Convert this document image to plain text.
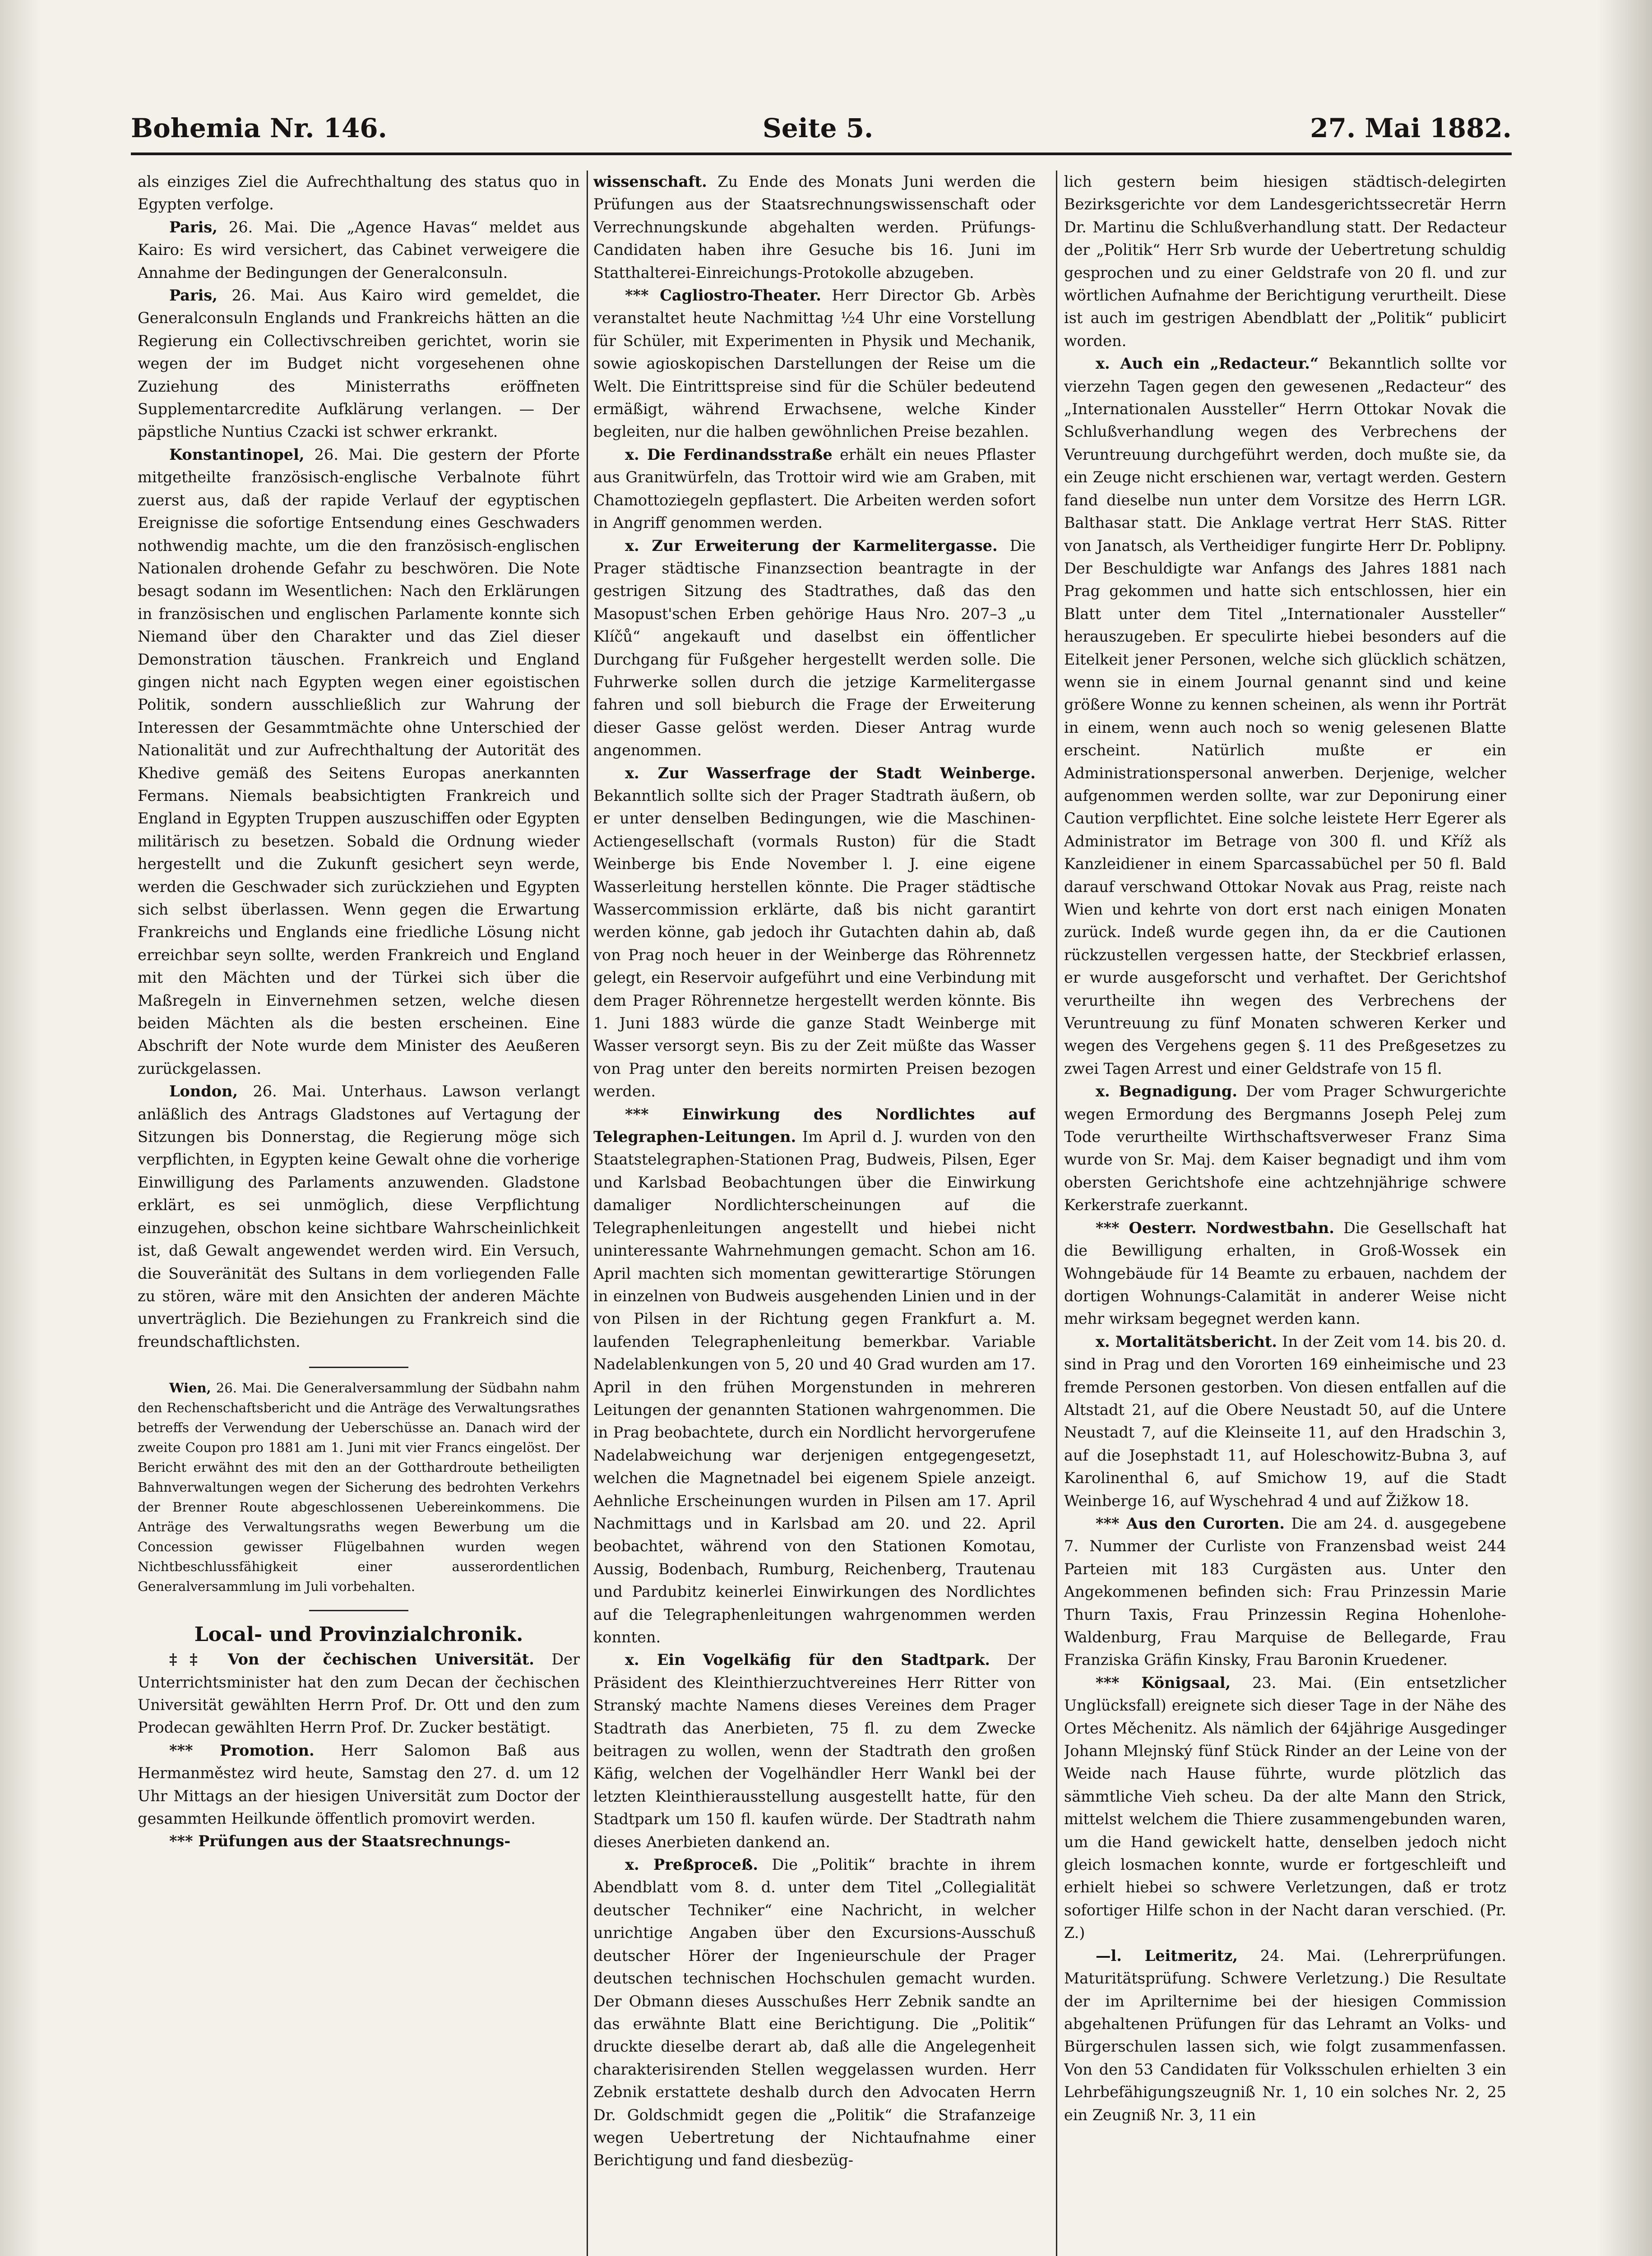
Bohemia Nr. 146.	Seite 5.	27. Mai 1882.

als einziges Ziel die Aufrechthaltung des status quo in Egypten verfolge.

Paris, 26. Mai. Die „Agence Havas“ meldet aus Kairo: Es wird versichert, das Cabinet verweigere die Annahme der Bedingungen der Generalconsuln.

Paris, 26. Mai. Aus Kairo wird gemeldet, die Generalconsuln Englands und Frankreichs hätten an die Regierung ein Collectivschreiben gerichtet, worin sie wegen der im Budget nicht vorgesehenen ohne Zuziehung des Ministerraths eröffneten Supplementarcredite Aufklärung verlangen. — Der päpstliche Nuntius Czacki ist schwer erkrankt.

Konstantinopel, 26. Mai. Die gestern der Pforte mitgetheilte französisch-englische Verbalnote führt zuerst aus, daß der rapide Verlauf der egyptischen Ereignisse die sofortige Entsendung eines Geschwaders nothwendig machte, um die den französisch-englischen Nationalen drohende Gefahr zu beschwören. Die Note besagt sodann im Wesentlichen: Nach den Erklärungen in französischen und englischen Parlamente konnte sich Niemand über den Charakter und das Ziel dieser Demonstration täuschen. Frankreich und England gingen nicht nach Egypten wegen einer egoistischen Politik, sondern ausschließlich zur Wahrung der Interessen der Gesammtmächte ohne Unterschied der Nationalität und zur Aufrechthaltung der Autorität des Khedive gemäß des Seitens Europas anerkannten Fermans. Niemals beabsichtigten Frankreich und England in Egypten Truppen auszuschiffen oder Egypten militärisch zu besetzen. Sobald die Ordnung wieder hergestellt und die Zukunft gesichert seyn werde, werden die Geschwader sich zurückziehen und Egypten sich selbst überlassen. Wenn gegen die Erwartung Frankreichs und Englands eine friedliche Lösung nicht erreichbar seyn sollte, werden Frankreich und England mit den Mächten und der Türkei sich über die Maßregeln in Einvernehmen setzen, welche diesen beiden Mächten als die besten erscheinen. Eine Abschrift der Note wurde dem Minister des Aeußeren zurückgelassen.

London, 26. Mai. Unterhaus. Lawson verlangt anläßlich des Antrags Gladstones auf Vertagung der Sitzungen bis Donnerstag, die Regierung möge sich verpflichten, in Egypten keine Gewalt ohne die vorherige Einwilligung des Parlaments anzuwenden. Gladstone erklärt, es sei unmöglich, diese Verpflichtung einzugehen, obschon keine sichtbare Wahrscheinlichkeit ist, daß Gewalt angewendet werden wird. Ein Versuch, die Souveränität des Sultans in dem vorliegenden Falle zu stören, wäre mit den Ansichten der anderen Mächte unverträglich. Die Beziehungen zu Frankreich sind die freundschaftlichsten.

Wien, 26. Mai. Die Generalversammlung der Südbahn nahm den Rechenschaftsbericht und die Anträge des Verwaltungsrathes betreffs der Verwendung der Ueberschüsse an. Danach wird der zweite Coupon pro 1881 am 1. Juni mit vier Francs eingelöst. Der Bericht erwähnt des mit den an der Gotthardroute betheiligten Bahnverwaltungen wegen der Sicherung des bedrohten Verkehrs der Brenner Route abgeschlossenen Uebereinkommens. Die Anträge des Verwaltungsraths wegen Bewerbung um die Concession gewisser Flügelbahnen wurden wegen Nichtbeschlussfähigkeit einer ausserordentlichen Generalversammlung im Juli vorbehalten.

Local- und Provinzialchronik.

‡‡ Von der čechischen Universität. Der Unterrichtsminister hat den zum Decan der čechischen Universität gewählten Herrn Prof. Dr. Ott und den zum Prodecan gewählten Herrn Prof. Dr. Zucker bestätigt.

*** Promotion. Herr Salomon Baß aus Hermanměstez wird heute, Samstag den 27. d. um 12 Uhr Mittags an der hiesigen Universität zum Doctor der gesammten Heilkunde öffentlich promovirt werden.

*** Prüfungen aus der Staatsrechnungs-

wissenschaft. Zu Ende des Monats Juni werden die Prüfungen aus der Staatsrechnungswissenschaft oder Verrechnungskunde abgehalten werden. Prüfungs-Candidaten haben ihre Gesuche bis 16. Juni im Statthalterei-Einreichungs-Protokolle abzugeben.

*** Cagliostro-Theater. Herr Director Gb. Arbès veranstaltet heute Nachmittag ½4 Uhr eine Vorstellung für Schüler, mit Experimenten in Physik und Mechanik, sowie agioskopischen Darstellungen der Reise um die Welt. Die Eintrittspreise sind für die Schüler bedeutend ermäßigt, während Erwachsene, welche Kinder begleiten, nur die halben gewöhnlichen Preise bezahlen.

x. Die Ferdinandsstraße erhält ein neues Pflaster aus Granitwürfeln, das Trottoir wird wie am Graben, mit Chamottoziegeln gepflastert. Die Arbeiten werden sofort in Angriff genommen werden.

x. Zur Erweiterung der Karmelitergasse. Die Prager städtische Finanzsection beantragte in der gestrigen Sitzung des Stadtrathes, daß das den Masopust'schen Erben gehörige Haus Nro. 207–3 „u Klíčů“ angekauft und daselbst ein öffentlicher Durchgang für Fußgeher hergestellt werden solle. Die Fuhrwerke sollen durch die jetzige Karmelitergasse fahren und soll bieburch die Frage der Erweiterung dieser Gasse gelöst werden. Dieser Antrag wurde angenommen.

x. Zur Wasserfrage der Stadt Weinberge. Bekanntlich sollte sich der Prager Stadtrath äußern, ob er unter denselben Bedingungen, wie die Maschinen-Actiengesellschaft (vormals Ruston) für die Stadt Weinberge bis Ende November l. J. eine eigene Wasserleitung herstellen könnte. Die Prager städtische Wassercommission erklärte, daß bis nicht garantirt werden könne, gab jedoch ihr Gutachten dahin ab, daß von Prag noch heuer in der Weinberge das Röhrennetz gelegt, ein Reservoir aufgeführt und eine Verbindung mit dem Prager Röhrennetze hergestellt werden könnte. Bis 1. Juni 1883 würde die ganze Stadt Weinberge mit Wasser versorgt seyn. Bis zu der Zeit müßte das Wasser von Prag unter den bereits normirten Preisen bezogen werden.

*** Einwirkung des Nordlichtes auf Telegraphen-Leitungen. Im April d. J. wurden von den Staatstelegraphen-Stationen Prag, Budweis, Pilsen, Eger und Karlsbad Beobachtungen über die Einwirkung damaliger Nordlichterscheinungen auf die Telegraphenleitungen angestellt und hiebei nicht uninteressante Wahrnehmungen gemacht. Schon am 16. April machten sich momentan gewitterartige Störungen in einzelnen von Budweis ausgehenden Linien und in der von Pilsen in der Richtung gegen Frankfurt a. M. laufenden Telegraphenleitung bemerkbar. Variable Nadelablenkungen von 5, 20 und 40 Grad wurden am 17. April in den frühen Morgenstunden in mehreren Leitungen der genannten Stationen wahrgenommen. Die in Prag beobachtete, durch ein Nordlicht hervorgerufene Nadelabweichung war derjenigen entgegengesetzt, welchen die Magnetnadel bei eigenem Spiele anzeigt. Aehnliche Erscheinungen wurden in Pilsen am 17. April Nachmittags und in Karlsbad am 20. und 22. April beobachtet, während von den Stationen Komotau, Aussig, Bodenbach, Rumburg, Reichenberg, Trautenau und Pardubitz keinerlei Einwirkungen des Nordlichtes auf die Telegraphenleitungen wahrgenommen werden konnten.

x. Ein Vogelkäfig für den Stadtpark. Der Präsident des Kleinthierzuchtvereines Herr Ritter von Stranský machte Namens dieses Vereines dem Prager Stadtrath das Anerbieten, 75 fl. zu dem Zwecke beitragen zu wollen, wenn der Stadtrath den großen Käfig, welchen der Vogelhändler Herr Wankl bei der letzten Kleinthierausstellung ausgestellt hatte, für den Stadtpark um 150 fl. kaufen würde. Der Stadtrath nahm dieses Anerbieten dankend an.

x. Preßproceß. Die „Politik“ brachte in ihrem Abendblatt vom 8. d. unter dem Titel „Collegialität deutscher Techniker“ eine Nachricht, in welcher unrichtige Angaben über den Excursions-Ausschuß deutscher Hörer der Ingenieurschule der Prager deutschen technischen Hochschulen gemacht wurden. Der Obmann dieses Ausschußes Herr Zebnik sandte an das erwähnte Blatt eine Berichtigung. Die „Politik“ druckte dieselbe derart ab, daß alle die Angelegenheit charakterisirenden Stellen weggelassen wurden. Herr Zebnik erstattete deshalb durch den Advocaten Herrn Dr. Goldschmidt gegen die „Politik“ die Strafanzeige wegen Uebertretung der Nichtaufnahme einer Berichtigung und fand diesbezüg-

lich gestern beim hiesigen städtisch-delegirten Bezirksgerichte vor dem Landesgerichtssecretär Herrn Dr. Martinu die Schlußverhandlung statt. Der Redacteur der „Politik“ Herr Srb wurde der Uebertretung schuldig gesprochen und zu einer Geldstrafe von 20 fl. und zur wörtlichen Aufnahme der Berichtigung verurtheilt. Diese ist auch im gestrigen Abendblatt der „Politik“ publicirt worden.

x. Auch ein „Redacteur.“ Bekanntlich sollte vor vierzehn Tagen gegen den gewesenen „Redacteur“ des „Internationalen Aussteller“ Herrn Ottokar Novak die Schlußverhandlung wegen des Verbrechens der Veruntreuung durchgeführt werden, doch mußte sie, da ein Zeuge nicht erschienen war, vertagt werden. Gestern fand dieselbe nun unter dem Vorsitze des Herrn LGR. Balthasar statt. Die Anklage vertrat Herr StAS. Ritter von Janatsch, als Vertheidiger fungirte Herr Dr. Poblipny. Der Beschuldigte war Anfangs des Jahres 1881 nach Prag gekommen und hatte sich entschlossen, hier ein Blatt unter dem Titel „Internationaler Aussteller“ herauszugeben. Er speculirte hiebei besonders auf die Eitelkeit jener Personen, welche sich glücklich schätzen, wenn sie in einem Journal genannt sind und keine größere Wonne zu kennen scheinen, als wenn ihr Porträt in einem, wenn auch noch so wenig gelesenen Blatte erscheint. Natürlich mußte er ein Administrationspersonal anwerben. Derjenige, welcher aufgenommen werden sollte, war zur Deponirung einer Caution verpflichtet. Eine solche leistete Herr Egerer als Administrator im Betrage von 300 fl. und Kříž als Kanzleidiener in einem Sparcassabüchel per 50 fl. Bald darauf verschwand Ottokar Novak aus Prag, reiste nach Wien und kehrte von dort erst nach einigen Monaten zurück. Indeß wurde gegen ihn, da er die Cautionen rückzustellen vergessen hatte, der Steckbrief erlassen, er wurde ausgeforscht und verhaftet. Der Gerichtshof verurtheilte ihn wegen des Verbrechens der Veruntreuung zu fünf Monaten schweren Kerker und wegen des Vergehens gegen §. 11 des Preßgesetzes zu zwei Tagen Arrest und einer Geldstrafe von 15 fl.

x. Begnadigung. Der vom Prager Schwurgerichte wegen Ermordung des Bergmanns Joseph Pelej zum Tode verurtheilte Wirthschaftsverweser Franz Sima wurde von Sr. Maj. dem Kaiser begnadigt und ihm vom obersten Gerichtshofe eine achtzehnjährige schwere Kerkerstrafe zuerkannt.

*** Oesterr. Nordwestbahn. Die Gesellschaft hat die Bewilligung erhalten, in Groß-Wossek ein Wohngebäude für 14 Beamte zu erbauen, nachdem der dortigen Wohnungs-Calamität in anderer Weise nicht mehr wirksam begegnet werden kann.

x. Mortalitätsbericht. In der Zeit vom 14. bis 20. d. sind in Prag und den Vororten 169 einheimische und 23 fremde Personen gestorben. Von diesen entfallen auf die Altstadt 21, auf die Obere Neustadt 50, auf die Untere Neustadt 7, auf die Kleinseite 11, auf den Hradschin 3, auf die Josephstadt 11, auf Holeschowitz-Bubna 3, auf Karolinenthal 6, auf Smichow 19, auf die Stadt Weinberge 16, auf Wyschehrad 4 und auf Žižkow 18.

*** Aus den Curorten. Die am 24. d. ausgegebene 7. Nummer der Curliste von Franzensbad weist 244 Parteien mit 183 Curgästen aus. Unter den Angekommenen befinden sich: Frau Prinzessin Marie Thurn Taxis, Frau Prinzessin Regina Hohenlohe-Waldenburg, Frau Marquise de Bellegarde, Frau Franziska Gräfin Kinsky, Frau Baronin Kruedener.

*** Königsaal, 23. Mai. (Ein entsetzlicher Unglücksfall) ereignete sich dieser Tage in der Nähe des Ortes Měchenitz. Als nämlich der 64jährige Ausgedinger Johann Mlejnský fünf Stück Rinder an der Leine von der Weide nach Hause führte, wurde plötzlich das sämmtliche Vieh scheu. Da der alte Mann den Strick, mittelst welchem die Thiere zusammengebunden waren, um die Hand gewickelt hatte, denselben jedoch nicht gleich losmachen konnte, wurde er fortgeschleift und erhielt hiebei so schwere Verletzungen, daß er trotz sofortiger Hilfe schon in der Nacht daran verschied. (Pr. Z.)

—l. Leitmeritz, 24. Mai. (Lehrerprüfungen. Maturitätsprüfung. Schwere Verletzung.) Die Resultate der im Aprilternime bei der hiesigen Commission abgehaltenen Prüfungen für das Lehramt an Volks- und Bürgerschulen lassen sich, wie folgt zusammenfassen. Von den 53 Candidaten für Volksschulen erhielten 3 ein Lehrbefähigungszeugniß Nr. 1, 10 ein solches Nr. 2, 25 ein Zeugniß Nr. 3, 11 ein
